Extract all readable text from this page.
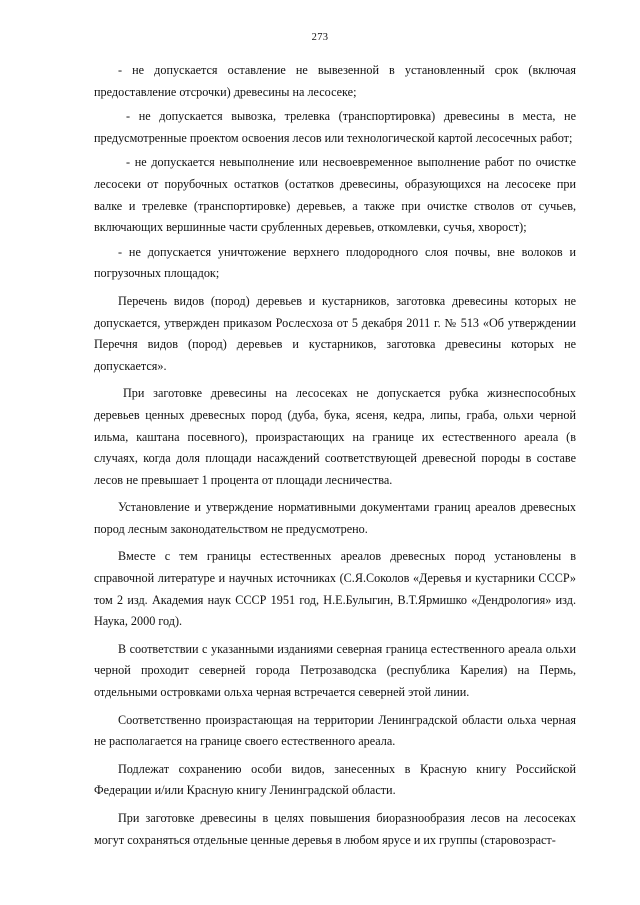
273

- не допускается оставление не вывезенной в установленный срок (включая предоставление отсрочки) древесины на лесосеке;

- не допускается вывозка, трелевка (транспортировка) древесины в места, не предусмотренные проектом освоения лесов или технологической картой лесосечных работ;

- не допускается невыполнение или несвоевременное выполнение работ по очистке лесосеки от порубочных остатков (остатков древесины, образующихся на лесосеке при валке и трелевке (транспортировке) деревьев, а также при очистке стволов от сучьев, включающих вершинные части срубленных деревьев, откомлевки, сучья, хворост);

- не допускается уничтожение верхнего плодородного слоя почвы, вне волоков и погрузочных площадок;

Перечень видов (пород) деревьев и кустарников, заготовка древесины которых не допускается, утвержден приказом Рослесхоза от 5 декабря 2011 г. № 513 «Об утверждении Перечня видов (пород) деревьев и кустарников, заготовка древесины которых не допускается».

При заготовке древесины на лесосеках не допускается рубка жизнеспособных деревьев ценных древесных пород (дуба, бука, ясеня, кедра, липы, граба, ольхи черной ильма, каштана посевного), произрастающих на границе их естественного ареала (в случаях, когда доля площади насаждений соответствующей древесной породы в составе лесов не превышает 1 процента от площади лесничества.

Установление и утверждение нормативными документами границ ареалов древесных пород лесным законодательством не предусмотрено.

Вместе с тем границы естественных ареалов древесных пород установлены в справочной литературе и научных источниках (С.Я.Соколов «Деревья и кустарники СССР» том 2 изд. Академия наук СССР 1951 год, Н.Е.Булыгин, В.Т.Ярмишко «Дендрология» изд. Наука, 2000 год).

В соответствии с указанными изданиями северная граница естественного ареала ольхи черной проходит северней города Петрозаводска (республика Карелия) на Пермь, отдельными островками ольха черная встречается северней этой линии.

Соответственно произрастающая на территории Ленинградской области ольха черная не располагается на границе своего естественного ареала.

Подлежат сохранению особи видов, занесенных в Красную книгу Российской Федерации и/или Красную книгу Ленинградской области.

При заготовке древесины в целях повышения биоразнообразия лесов на лесосеках могут сохраняться отдельные ценные деревья в любом ярусе и их группы (старовозраст-
